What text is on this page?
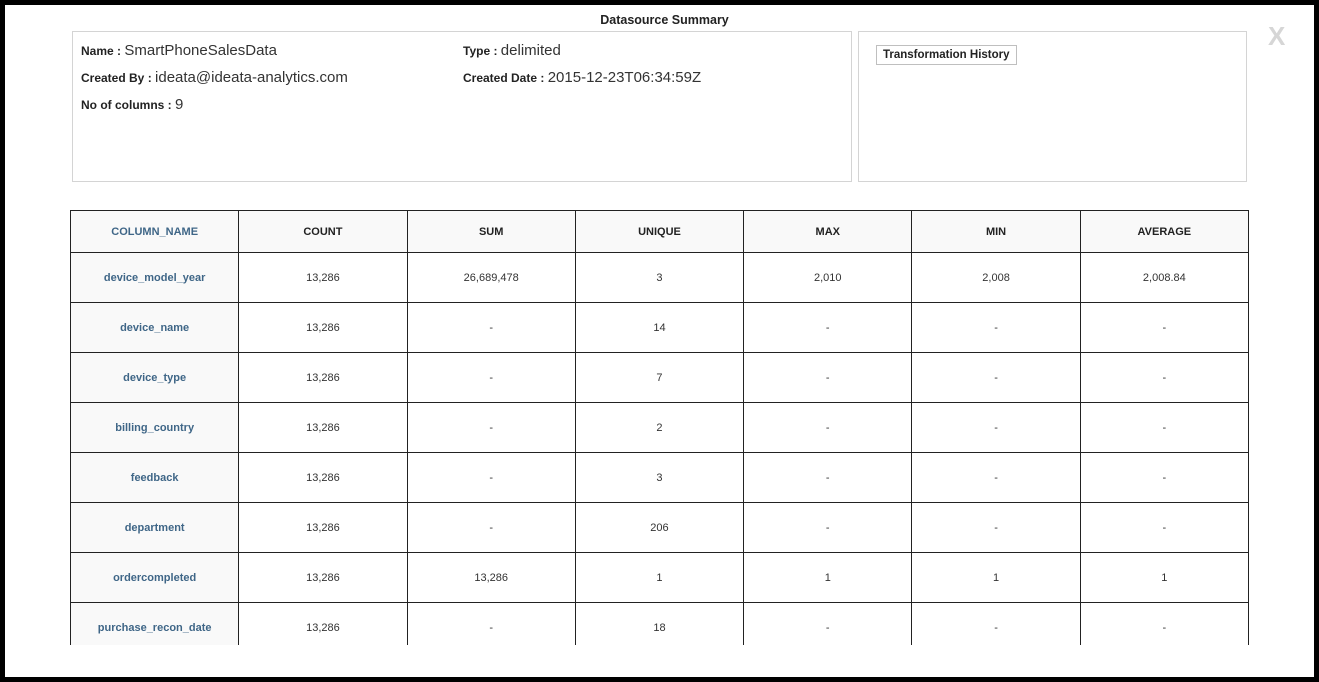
Datasource Summary
X
Name : SmartPhoneSalesData	Type : delimited
Created By : ideata@ideata-analytics.com	Created Date : 2015-12-23T06:34:59Z
No of columns : 9
Transformation History
COLUMN_NAME	COUNT	SUM	UNIQUE	MAX	MIN	AVERAGE
device_model_year	13,286	26,689,478	3	2,010	2,008	2,008.84
device_name	13,286	-	14	-	-	-
device_type	13,286	-	7	-	-	-
billing_country	13,286	-	2	-	-	-
feedback	13,286	-	3	-	-	-
department	13,286	-	206	-	-	-
ordercompleted	13,286	13,286	1	1	1	1
purchase_recon_date	13,286	-	18	-	-	-
